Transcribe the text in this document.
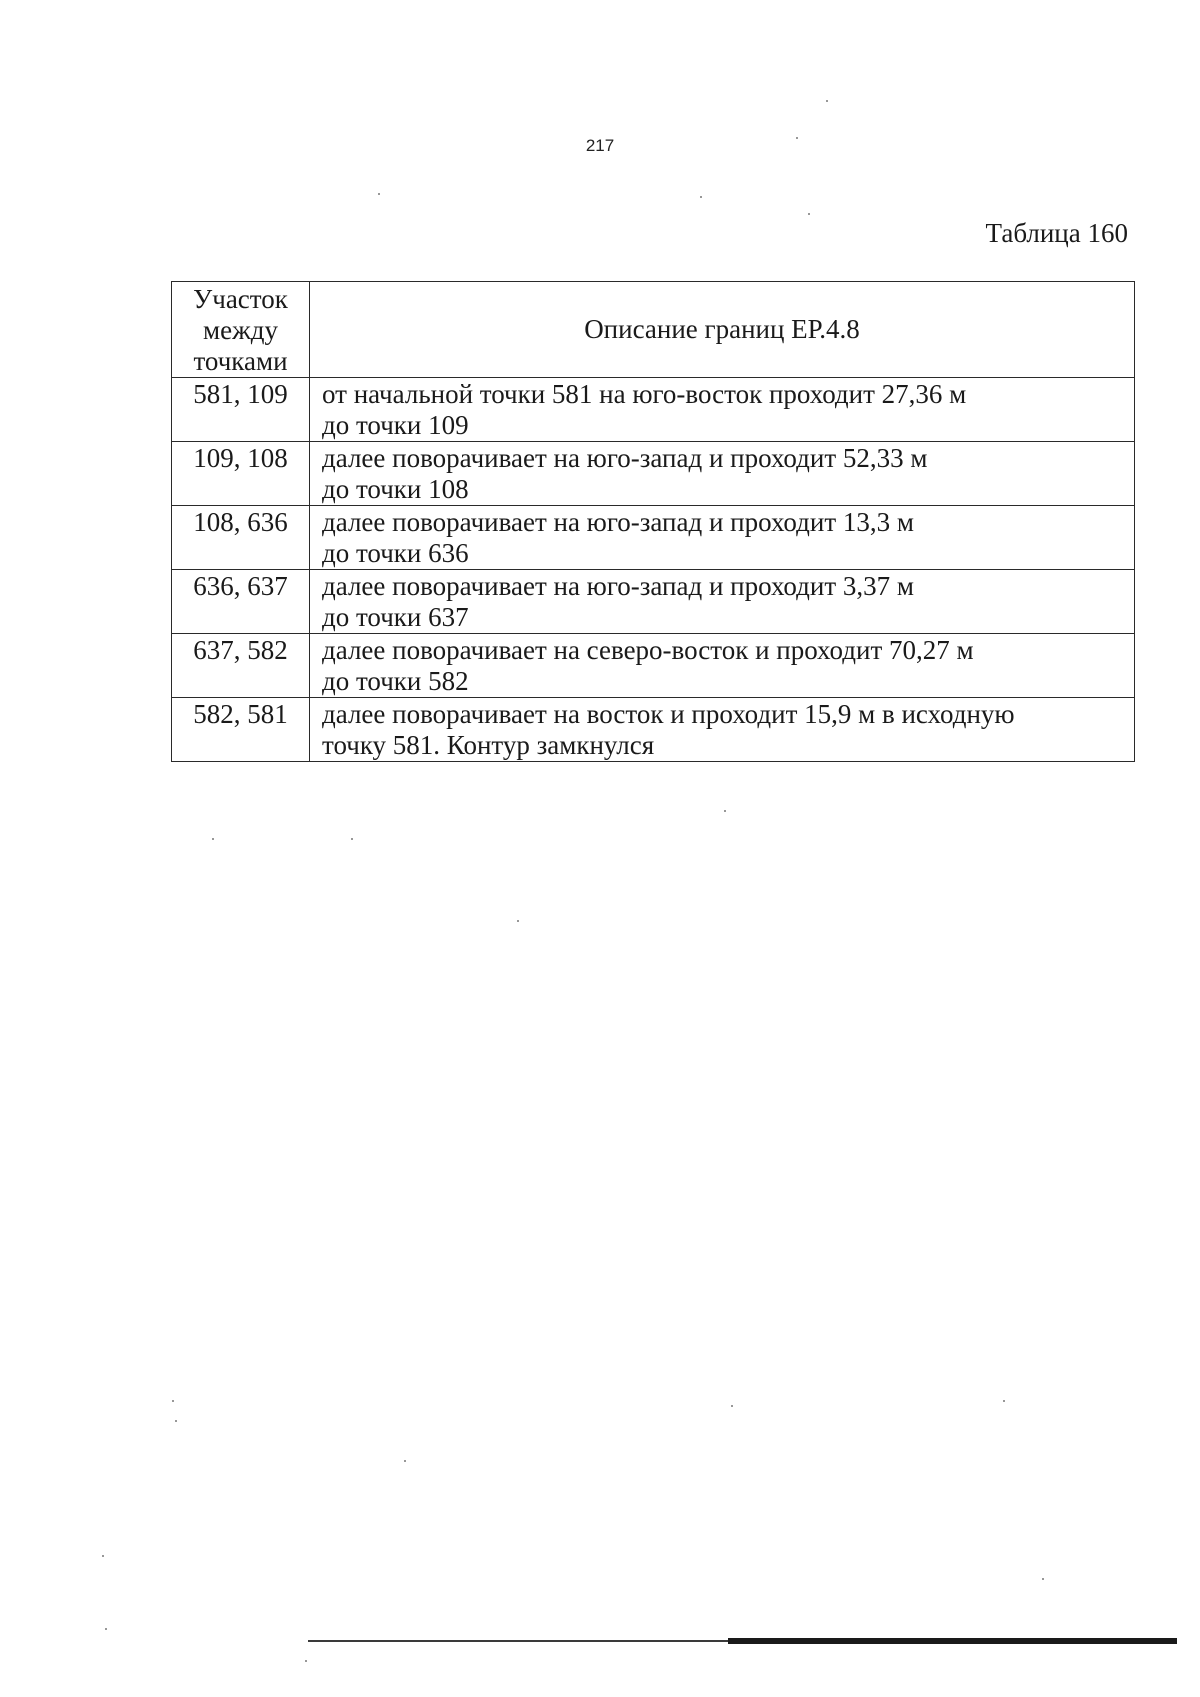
217
Таблица 160
Участок
между
точками	Описание границ ЕР.4.8
581, 109	от начальной точки 581 на юго-восток проходит 27,36 м
до точки 109

109, 108	далее поворачивает на юго-запад и проходит 52,33 м
до точки 108

108, 636	далее поворачивает на юго-запад и проходит 13,3 м
до точки 636

636, 637	далее поворачивает на юго-запад и проходит 3,37 м
до точки 637

637, 582	далее поворачивает на северо-восток и проходит 70,27 м
до точки 582

582, 581	далее поворачивает на восток и проходит 15,9 м в исходную
точку 581. Контур замкнулся
